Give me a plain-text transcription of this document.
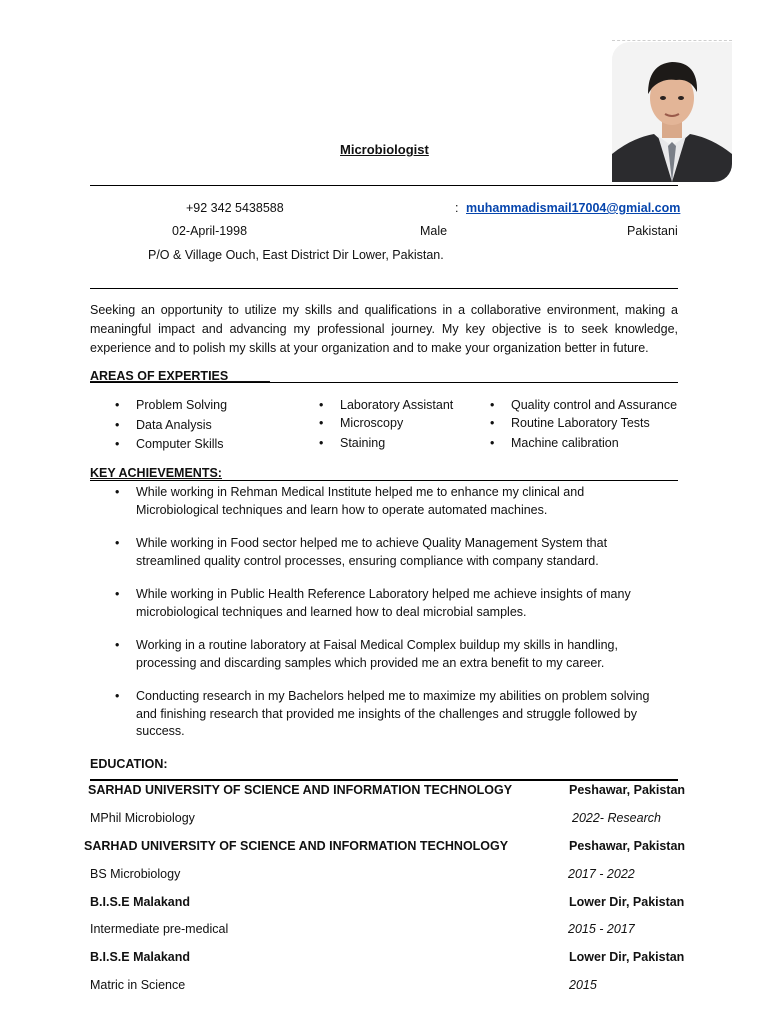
Microbiologist
+92 342 5438588	: muhammadismail17004@gmial.com
02-April-1998	Male	Pakistani
P/O & Village Ouch, East District Dir Lower, Pakistan.
Seeking an opportunity to utilize my skills and qualifications in a collaborative environment, making a meaningful impact and advancing my professional journey. My key objective is to seek knowledge, experience and to polish my skills at your organization and to make your organization better in future.
AREAS OF EXPERTIES______
• Problem Solving
• Data Analysis
• Computer Skills
• Laboratory Assistant
• Microscopy
• Staining
• Quality control and Assurance
• Routine Laboratory Tests
• Machine calibration
KEY ACHIEVEMENTS:
• While working in Rehman Medical Institute helped me to enhance my clinical and Microbiological techniques and learn how to operate automated machines.
• While working in Food sector helped me to achieve Quality Management System that streamlined quality control processes, ensuring compliance with company standard.
• While working in Public Health Reference Laboratory helped me achieve insights of many microbiological techniques and learned how to deal microbial samples.
• Working in a routine laboratory at Faisal Medical Complex buildup my skills in handling, processing and discarding samples which provided me an extra benefit to my career.
• Conducting research in my Bachelors helped me to maximize my abilities on problem solving and finishing research that provided me insights of the challenges and struggle followed by success.
EDUCATION:
SARHAD UNIVERSITY OF SCIENCE AND INFORMATION TECHNOLOGY	Peshawar, Pakistan
MPhil Microbiology	2022- Research
SARHAD UNIVERSITY OF SCIENCE AND INFORMATION TECHNOLOGY	Peshawar, Pakistan
BS Microbiology	2017 - 2022
B.I.S.E Malakand	Lower Dir, Pakistan
Intermediate pre-medical	2015 - 2017
B.I.S.E Malakand	Lower Dir, Pakistan
Matric in Science	2015
